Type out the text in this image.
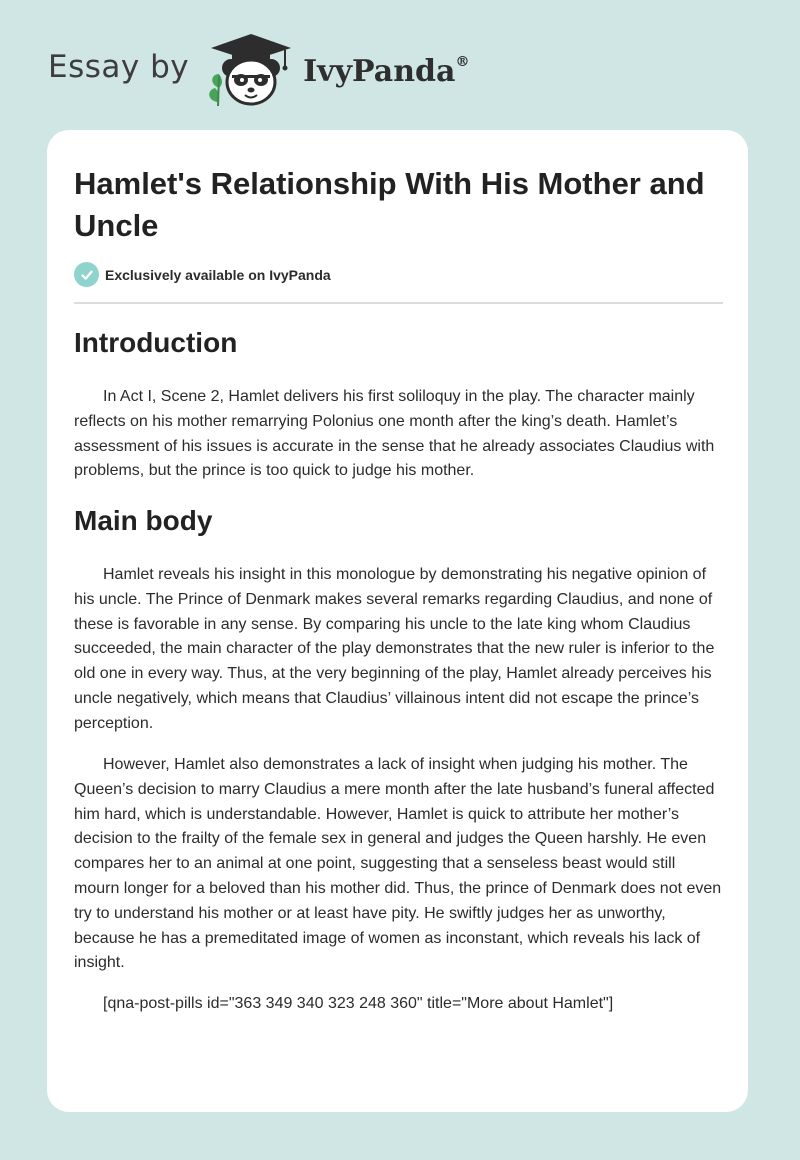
Essay by	IvyPanda®
Hamlet's Relationship With His Mother and Uncle
Exclusively available on IvyPanda
Introduction

In Act I, Scene 2, Hamlet delivers his first soliloquy in the play. The character mainly reflects on his mother remarrying Polonius one month after the king’s death. Hamlet’s assessment of his issues is accurate in the sense that he already associates Claudius with problems, but the prince is too quick to judge his mother.

Main body

Hamlet reveals his insight in this monologue by demonstrating his negative opinion of his uncle. The Prince of Denmark makes several remarks regarding Claudius, and none of these is favorable in any sense. By comparing his uncle to the late king whom Claudius succeeded, the main character of the play demonstrates that the new ruler is inferior to the old one in every way. Thus, at the very beginning of the play, Hamlet already perceives his uncle negatively, which means that Claudius’ villainous intent did not escape the prince’s perception.

However, Hamlet also demonstrates a lack of insight when judging his mother. The Queen’s decision to marry Claudius a mere month after the late husband’s funeral affected him hard, which is understandable. However, Hamlet is quick to attribute her mother’s decision to the frailty of the female sex in general and judges the Queen harshly. He even compares her to an animal at one point, suggesting that a senseless beast would still mourn longer for a beloved than his mother did. Thus, the prince of Denmark does not even try to understand his mother or at least have pity. He swiftly judges her as unworthy, because he has a premeditated image of women as inconstant, which reveals his lack of insight.

[qna-post-pills id="363 349 340 323 248 360" title="More about Hamlet"]
